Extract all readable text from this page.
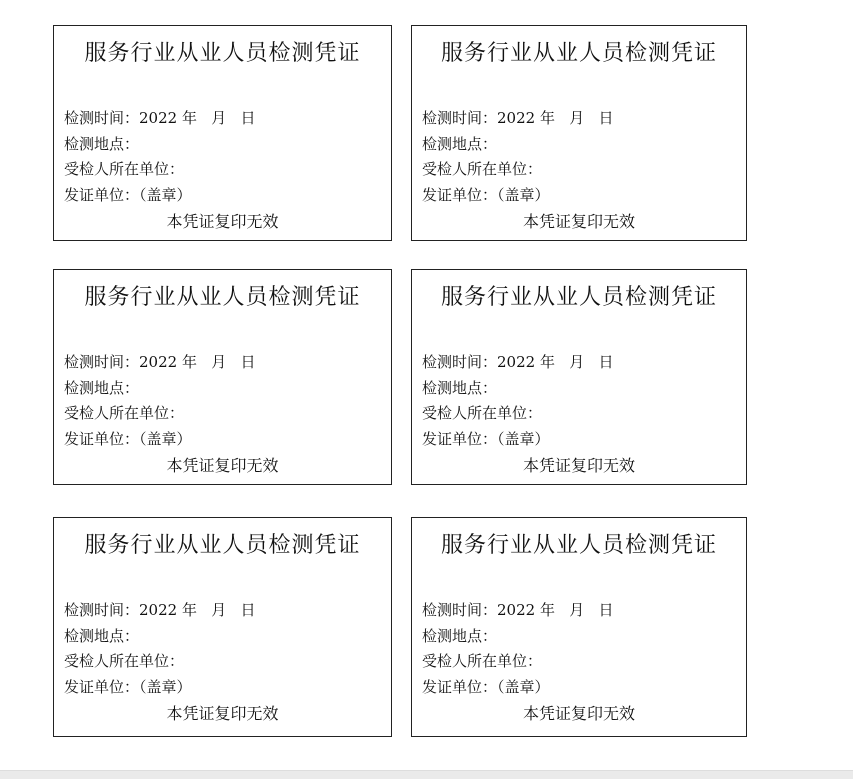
服务行业从业人员检测凭证
检测时间：2022 年   月   日
检测地点：
受检人所在单位：
发证单位：（盖章）
本凭证复印无效
服务行业从业人员检测凭证
检测时间：2022 年   月   日
检测地点：
受检人所在单位：
发证单位：（盖章）
本凭证复印无效
服务行业从业人员检测凭证
检测时间：2022 年   月   日
检测地点：
受检人所在单位：
发证单位：（盖章）
本凭证复印无效
服务行业从业人员检测凭证
检测时间：2022 年   月   日
检测地点：
受检人所在单位：
发证单位：（盖章）
本凭证复印无效
服务行业从业人员检测凭证
检测时间：2022 年   月   日
检测地点：
受检人所在单位：
发证单位：（盖章）
本凭证复印无效
服务行业从业人员检测凭证
检测时间：2022 年   月   日
检测地点：
受检人所在单位：
发证单位：（盖章）
本凭证复印无效
